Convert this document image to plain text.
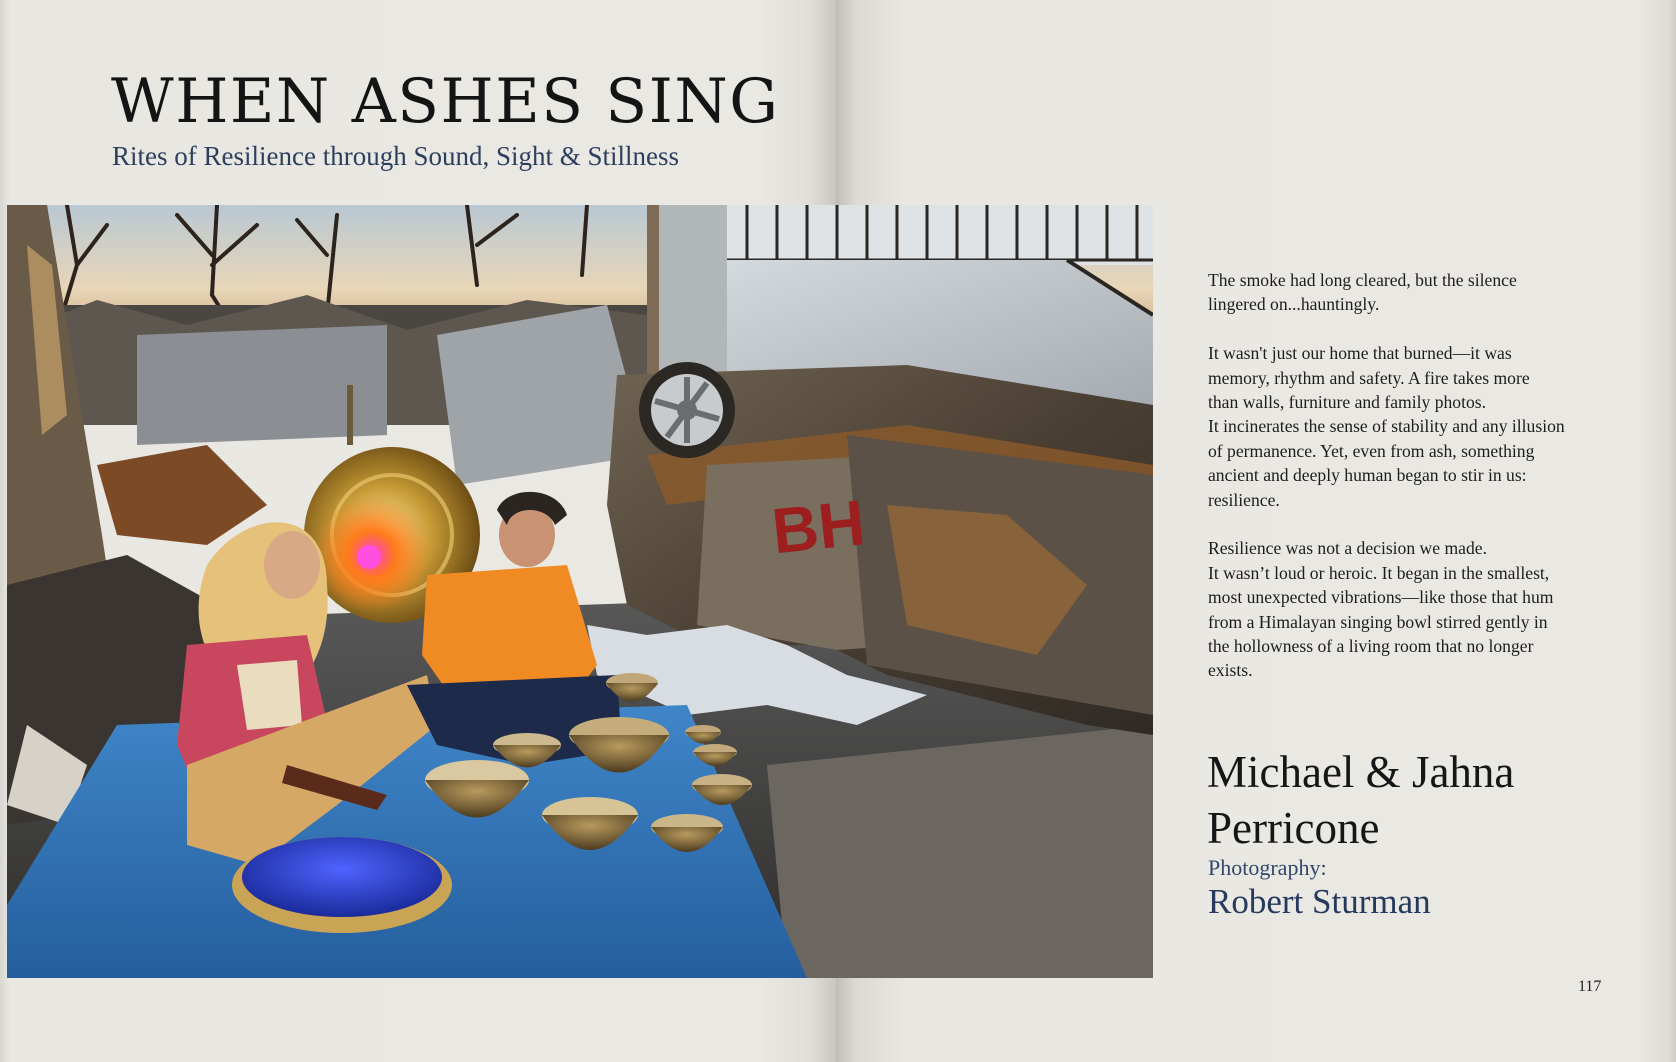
WHEN ASHES SING
Rites of Resilience through Sound, Sight & Stillness
BH

The smoke had long cleared, but the silence
lingered on...hauntingly.

It wasn't just our home that burned—it was
memory, rhythm and safety. A fire takes more
than walls, furniture and family photos.
It incinerates the sense of stability and any illusion
of permanence. Yet, even from ash, something
ancient and deeply human began to stir in us:
resilience.

Resilience was not a decision we made.
It wasn’t loud or heroic. It began in the smallest,
most unexpected vibrations—like those that hum
from a Himalayan singing bowl stirred gently in
the hollowness of a living room that no longer
exists.

Michael & Jahna
Perricone
Photography:
Robert Sturman
117
